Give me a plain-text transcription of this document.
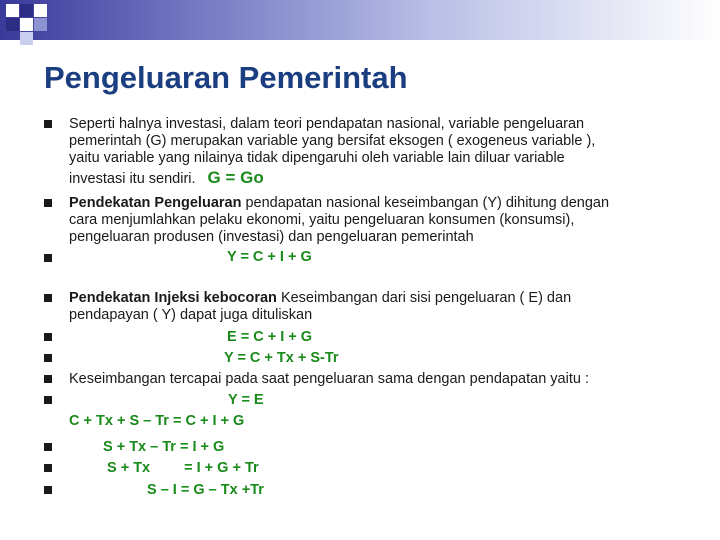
Pengeluaran Pemerintah
Seperti halnya investasi, dalam teori pendapatan nasional, variable pengeluaran
pemerintah (G) merupakan variable yang bersifat eksogen ( exogeneus variable ),
yaitu variable yang nilainya tidak dipengaruhi oleh variable lain diluar variable
investasi itu sendiri. G = Go
Pendekatan Pengeluaran pendapatan nasional keseimbangan (Y) dihitung dengan
cara menjumlahkan pelaku ekonomi, yaitu pengeluaran konsumen (konsumsi),
pengeluaran produsen (investasi) dan pengeluaran pemerintah
Y = C + I + G
Pendekatan Injeksi kebocoran Keseimbangan dari sisi pengeluaran ( E) dan
pendapayan ( Y) dapat juga dituliskan
E = C + I + G
Y = C + Tx + S-Tr
Keseimbangan tercapai pada saat pengeluaran sama dengan pendapatan yaitu :
Y = E
C + Tx + S – Tr = C + I + G
S + Tx – Tr = I + G
S + Tx = I + G + Tr
S – I = G – Tx +Tr
